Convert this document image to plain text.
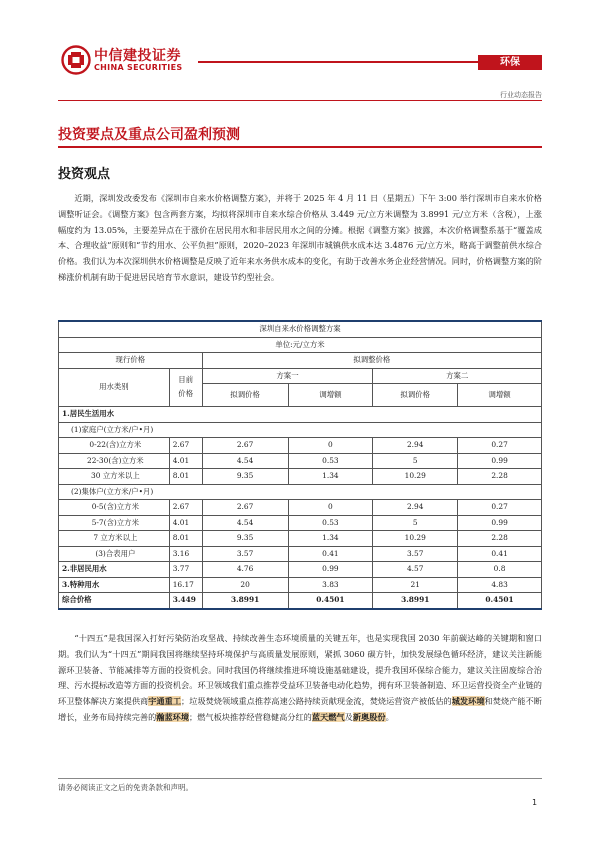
中信建投证券
CHINA SECURITIES	环保
行业动态报告
投资要点及重点公司盈利预测
投资观点

近期，深圳发改委发布《深圳市自来水价格调整方案》，并将于 2025 年 4 月 11 日（星期五）下午 3:00 举行深圳市自来水价格调整听证会。《调整方案》包含两套方案，均拟将深圳市自来水综合价格从 3.449 元/立方米调整为 3.8991 元/立方米（含税），上涨幅度约为 13.05%，主要差异点在于涨价在居民用水和非居民用水之间的分摊。根据《调整方案》披露，本次价格调整系基于“覆盖成本、合理收益”原则和“节约用水、公平负担”原则，2020–2023 年深圳市城镇供水成本达 3.4876 元/立方米，略高于调整前供水综合价格。我们认为本次深圳供水价格调整是反映了近年来水务供水成本的变化，有助于改善水务企业经营情况。同时，价格调整方案的阶梯涨价机制有助于促进居民培育节水意识，建设节约型社会。

深圳自来水价格调整方案					
单位:元/立方米					
现行价格		拟调整价格			
用水类别	目前价格	方案一		方案二	
		拟调价格	调增额	拟调价格	调增额
1.居民生活用水					
(1)家庭户(立方米/户•月)					
0-22(含)立方米	2.67	2.67	0	2.94	0.27
22-30(含)立方米	4.01	4.54	0.53	5	0.99
30 立方米以上	8.01	9.35	1.34	10.29	2.28
(2)集体户(立方米/户•月)					
0-5(含)立方米	2.67	2.67	0	2.94	0.27
5-7(含)立方米	4.01	4.54	0.53	5	0.99
7 立方米以上	8.01	9.35	1.34	10.29	2.28
(3)合表用户	3.16	3.57	0.41	3.57	0.41
2.非居民用水	3.77	4.76	0.99	4.57	0.8
3.特种用水	16.17	20	3.83	21	4.83
综合价格	3.449	3.8991	0.4501	3.8991	0.4501

“十四五”是我国深入打好污染防治攻坚战、持续改善生态环境质量的关键五年，也是实现我国 2030 年前碳达峰的关键期和窗口期。我们认为“十四五”期间我国将继续坚持环境保护与高质量发展原则，紧抓 3060 碳方针，加快发展绿色循环经济，建议关注新能源环卫装备、节能减排等方面的投资机会。同时我国仍将继续推进环境设施基础建设，提升我国环保综合能力，建议关注固废综合治理、污水提标改造等方面的投资机会。环卫领域我们重点推荐受益环卫装备电动化趋势，拥有环卫装备制造、环卫运营投资全产业链的环卫整体解决方案提供商宇通重工；垃圾焚烧领域重点推荐高速公路持续贡献现金流，焚烧运营资产被低估的城发环境和焚烧产能不断增长，业务布局持续完善的瀚蓝环境；燃气板块推荐经营稳健高分红的蓝天燃气及新奥股份。

请务必阅读正文之后的免责条款和声明。
1
